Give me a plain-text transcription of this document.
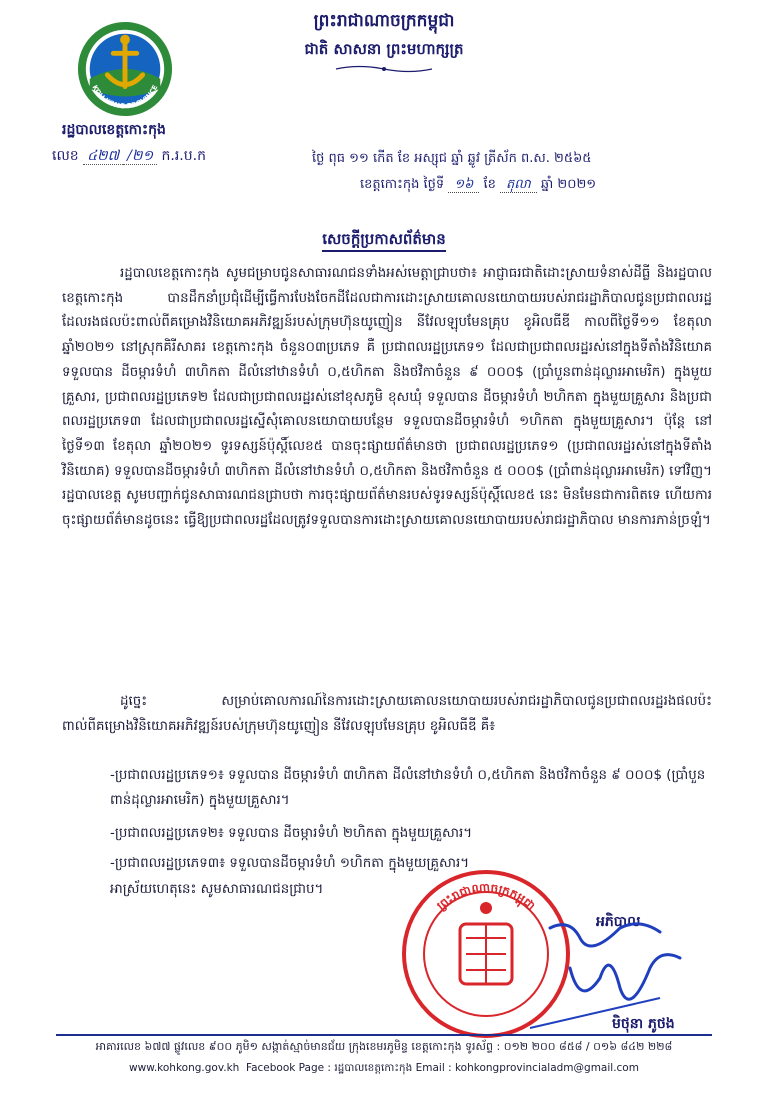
ព្រះរាជាណាចក្រកម្ពុជា
ជាតិ សាសនា ព្រះមហាក្សត្រ
KOH KONG PROVINCE
រដ្ឋបាលខេត្តកោះកុង
លេខ ៤២៧ /២១ ក.រ.ប.ក	ថ្ងៃ ពុធ ១១ កើត ខែ អស្សុជ ឆ្នាំ ឆ្លូវ ត្រីស័ក ព.ស. ២៥៦៥
ខេត្តកោះកុង ថ្ងៃទី ១៦ ខែ តុលា ឆ្នាំ ២០២១
សេចក្តីប្រកាសព័ត៌មាន
រដ្ឋបាលខេត្តកោះកុង សូមជម្រាបជូនសាធារណជនទាំងអស់មេត្តាជ្រាបថា៖ អាជ្ញាធរជាតិដោះស្រាយទំនាស់ដីធ្លី និងរដ្ឋបាលខេត្តកោះកុង បានដឹកនាំប្រជុំដើម្បីធ្វើការបែងចែកដីដែលជាការដោះស្រាយគោលនយោបាយរបស់រាជរដ្ឋាភិបាលជូនប្រជាពលរដ្ឋដែលរងផលប៉ះពាល់ពីគម្រោងវិនិយោគអភិវឌ្ឍន៍របស់ក្រុមហ៊ុនយូញៀន នីវែលឡុបមែនគ្រុប ខូអិលធីឌី កាលពីថ្ងៃទី១១ ខែតុលា ឆ្នាំ២០២១ នៅស្រុកគិរីសាគរ ខេត្តកោះកុង ចំនួន០៣ប្រភេទ គឺ ប្រជាពលរដ្ឋប្រភេទ១ ដែលជាប្រជាពលរដ្ឋរស់នៅក្នុងទីតាំងវិនិយោគ ទទួលបាន ដីចម្ការទំហំ ៣ហិកតា ដីលំនៅឋានទំហំ ០,៥ហិកតា និងថវិកាចំនួន ៩ ០០០$ (ប្រាំបួនពាន់ដុល្លារអាមេរិក) ក្នុងមួយគ្រួសារ, ប្រជាពលរដ្ឋប្រភេទ២ ដែលជាប្រជាពលរដ្ឋរស់នៅខុសភូមិ ខុសឃុំ ទទួលបាន ដីចម្ការទំហំ ២ហិកតា ក្នុងមួយគ្រួសារ និងប្រជាពលរដ្ឋប្រភេទ៣ ដែលជាប្រជាពលរដ្ឋស្នើសុំគោលនយោបាយបន្ថែម ទទួលបានដីចម្ការទំហំ ១ហិកតា ក្នុងមួយគ្រួសារ។ ប៉ុន្តែ នៅថ្ងៃទី១៣ ខែតុលា ឆ្នាំ២០២១ ទូរទស្សន៍ប៉ុស្តិ៍លេខ៥ បានចុះផ្សាយព័ត៌មានថា ប្រជាពលរដ្ឋប្រភេទ១ (ប្រជាពលរដ្ឋរស់នៅក្នុងទីតាំងវិនិយោគ) ទទួលបានដីចម្ការទំហំ ៣ហិកតា ដីលំនៅឋានទំហំ ០,៥ហិកតា និងថវិកាចំនួន ៥ ០០០$ (ប្រាំពាន់ដុល្លារអាមេរិក) ទៅវិញ។ រដ្ឋបាលខេត្ត សូមបញ្ជាក់ជូនសាធារណជនជ្រាបថា ការចុះផ្សាយព័ត៌មានរបស់ទូរទស្សន៍ប៉ុស្តិ៍លេខ៥ នេះ មិនមែនជាការពិតទេ ហើយការចុះផ្សាយព័ត៌មានដូចនេះ ធ្វើឱ្យប្រជាពលរដ្ឋដែលត្រូវទទួលបានការដោះស្រាយគោលនយោបាយរបស់រាជរដ្ឋាភិបាល មានការភាន់ច្រឡំ។
ដូច្នេះ សម្រាប់គោលការណ៍នៃការដោះស្រាយគោលនយោបាយរបស់រាជរដ្ឋាភិបាលជូនប្រជាពលរដ្ឋរងផលប៉ះពាល់ពីគម្រោងវិនិយោគអភិវឌ្ឍន៍របស់ក្រុមហ៊ុនយូញៀន នីវែលឡុបមែនគ្រុប ខូអិលធីឌី គឺ៖
-ប្រជាពលរដ្ឋប្រភេទ១៖ ទទួលបាន ដីចម្ការទំហំ ៣ហិកតា ដីលំនៅឋានទំហំ ០,៥ហិកតា និងថវិកាចំនួន ៩ ០០០$ (ប្រាំបួនពាន់ដុល្លារអាមេរិក) ក្នុងមួយគ្រួសារ។
-ប្រជាពលរដ្ឋប្រភេទ២៖ ទទួលបាន ដីចម្ការទំហំ ២ហិកតា ក្នុងមួយគ្រួសារ។
-ប្រជាពលរដ្ឋប្រភេទ៣៖ ទទួលបានដីចម្ការទំហំ ១ហិកតា ក្នុងមួយគ្រួសារ។
អាស្រ័យហេតុនេះ សូមសាធារណជនជ្រាប។
ព្រះរាជាណាចក្រកម្ពុជា
អភិបាល
មិថុនា ភូថង
អាគារលេខ ៦៧៧ ផ្លូវលេខ ៩០០ ភូមិ១ សង្កាត់ស្មាច់មានជ័យ ក្រុងខេមរភូមិន្ទ ខេត្តកោះកុង ទូរស័ព្ទ : ០១២ ២០០ ៨៥៨ / ០១៦ ៨៤២ ២២៨
www.kohkong.gov.kh Facebook Page : រដ្ឋបាលខេត្តកោះកុង Email : kohkongprovincialadm@gmail.com
